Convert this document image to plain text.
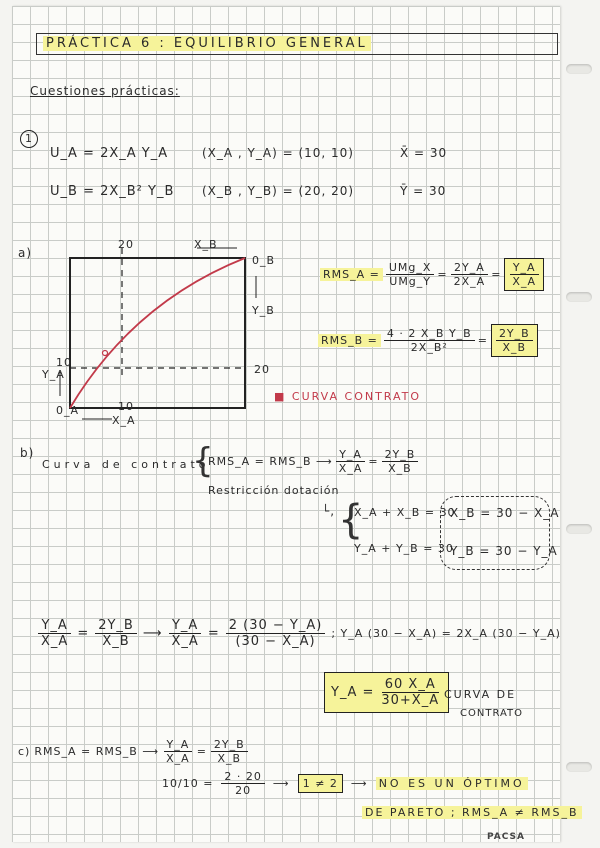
PRÁCTICA 6 : EQUILIBRIO GENERAL
Cuestiones prácticas:
1
U_A = 2X_A Y_A
U_B = 2X_B² Y_B
(X_A , Y_A) = (10, 10)
(X_B , Y_B) = (20, 20)
X̄ = 30
Ȳ = 30
a)
20	X_B
0_B
Y_B
20
Y_A
10
0_A	10
X_A
■ CURVA CONTRATO
RMS_A = $\frac{\text{UMg\_X}}{\text{UMg\_Y}} = \frac{2Y\_A}{2X\_A} = \frac{Y\_A}{X\_A}$
RMS_B = $\frac{\text{4 · 2 X\_B Y\_B}}{\text{2X\_B²}} = \frac{2Y\_B}{X\_B}$
b)
Curva de contrato
{
RMS_A = RMS_B ⟶ $\frac{Y\_A}{X\_A} = \frac{2Y\_B}{X\_B}$
Restricción dotación
└, {
X_A + X_B = 30
Y_A + Y_B = 30
X_B = 30 − X_A
Y_B = 30 − Y_A
$\frac{Y\_A}{X\_A} = \frac{2Y\_B}{X\_B}$ ⟶ $\frac{Y\_A}{X\_A} = \frac{2 (30 - Y\_A)}{(30 - X\_A)}$ ; Y_A (30 − X_A) = 2X_A (30 − Y_A)
Y_A = $\frac{60 X\_A}{30+X\_A}$ CURVA DE
CONTRATO
c) RMS_A = RMS_B ⟶ $\frac{Y\_A}{X\_A} = \frac{2Y\_B}{X\_B}$
$10/10 = \frac{2 \cdot 20}{20}$ ⟶	1 ≠ 2	⟶ NO ES UN ÓPTIMO
DE PARETO ; RMS_A ≠ RMS_B
PACSA
